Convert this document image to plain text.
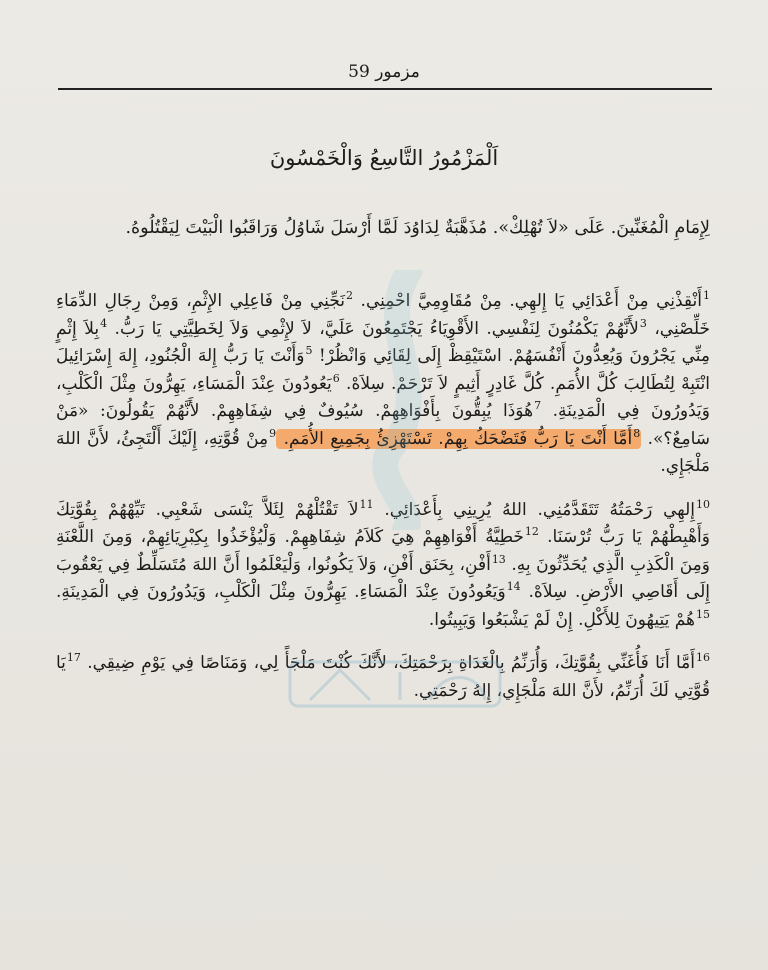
مزمور 59
اَلْمَزْمُورُ التَّاسِعُ وَالْخَمْسُونَ
لِإِمَامِ الْمُغَنِّينَ. عَلَى «لاَ تُهْلِكْ». مُذَهَّبَةٌ لِدَاوُدَ لَمَّا أَرْسَلَ شَاوُلُ وَرَاقَبُوا الْبَيْتَ لِيَقْتُلُوهُ.

$^1$أَنْقِذْنِي مِنْ أَعْدَائِي يَا إِلهِي. مِنْ مُقَاوِمِيَّ احْمِنِي. $^2$نَجِّنِي مِنْ فَاعِلِي الإِثْمِ، وَمِنْ رِجَالِ الدِّمَاءِ خَلِّصْنِي، $^3$لأَنَّهُمْ يَكْمُنُونَ لِنَفْسِي. الأَقْوِيَاءُ يَجْتَمِعُونَ عَلَيَّ، لاَ لإِثْمِي وَلاَ لِخَطِيَّتِي يَا رَبُّ. $^4$بِلاَ إِثْمٍ مِنِّي يَجْرُونَ وَيُعِدُّونَ أَنْفُسَهُمْ. اسْتَيْقِظْ إِلَى لِقَائِي وَانْظُرْ! $^5$وَأَنْتَ يَا رَبُّ إِلهَ الْجُنُودِ، إِلهَ إِسْرَائِيلَ انْتَبِهْ لِتُطَالِبَ كُلَّ الأُمَمِ. كُلَّ غَادِرٍ أَثِيمٍ لاَ تَرْحَمْ. سِلاَهْ. $^6$يَعُودُونَ عِنْدَ الْمَسَاءِ، يَهِرُّونَ مِثْلَ الْكَلْبِ، وَيَدُورُونَ فِي الْمَدِينَةِ. $^7$هُوَذَا يُبِقُّونَ بِأَفْوَاهِهِمْ. سُيُوفٌ فِي شِفَاهِهِمْ. لأَنَّهُمْ يَقُولُونَ: «مَنْ سَامِعٌ؟». $^8$أَمَّا أَنْتَ يَا رَبُّ فَتَضْحَكُ بِهِمْ. تَسْتَهْزِئُ بِجَمِيعِ الأُمَمِ. $^9$مِنْ قُوَّتِهِ، إِلَيْكَ أَلْتَجِئُ، لأَنَّ اللهَ مَلْجَإِي.

$^{10}$إِلهِي رَحْمَتُهُ تَتَقَدَّمُنِي. اللهُ يُرِينِي بِأَعْدَائِي. $^{11}$لاَ تَقْتُلْهُمْ لِئَلاَّ يَنْسَى شَعْبِي. تَيِّهْهُمْ بِقُوَّتِكَ وَأَهْبِطْهُمْ يَا رَبُّ تُرْسَنَا. $^{12}$خَطِيَّةُ أَفْوَاهِهِمْ هِيَ كَلاَمُ شِفَاهِهِمْ. وَلْيُؤْخَذُوا بِكِبْرِيَائِهِمْ، وَمِنَ اللَّعْنَةِ وَمِنَ الْكَذِبِ الَّذِي يُحَدِّثُونَ بِهِ. $^{13}$أَفْنِ، بِحَنَق أَفْنِ، وَلاَ يَكُونُوا، وَلْيَعْلَمُوا أَنَّ اللهَ مُتَسَلِّطٌ فِي يَعْقُوبَ إِلَى أَقَاصِي الأَرْضِ. سِلاَهْ. $^{14}$وَيَعُودُونَ عِنْدَ الْمَسَاءِ. يَهِرُّونَ مِثْلَ الْكَلْبِ، وَيَدُورُونَ فِي الْمَدِينَةِ. $^{15}$هُمْ يَتِيهُونَ لِلأَكْلِ. إِنْ لَمْ يَشْبَعُوا وَيَبِيتُوا.

$^{16}$أَمَّا أَنَا فَأُغَنِّي بِقُوَّتِكَ، وَأُرَنِّمُ بِالْغَدَاةِ بِرَحْمَتِكَ، لأَنَّكَ كُنْتَ مَلْجَأً لِي، وَمَنَاصًا فِي يَوْمِ ضِيقِي. $^{17}$يَا قُوَّتِي لَكَ أُرَنِّمُ، لأَنَّ اللهَ مَلْجَإِي، إِلهُ رَحْمَتِي.
